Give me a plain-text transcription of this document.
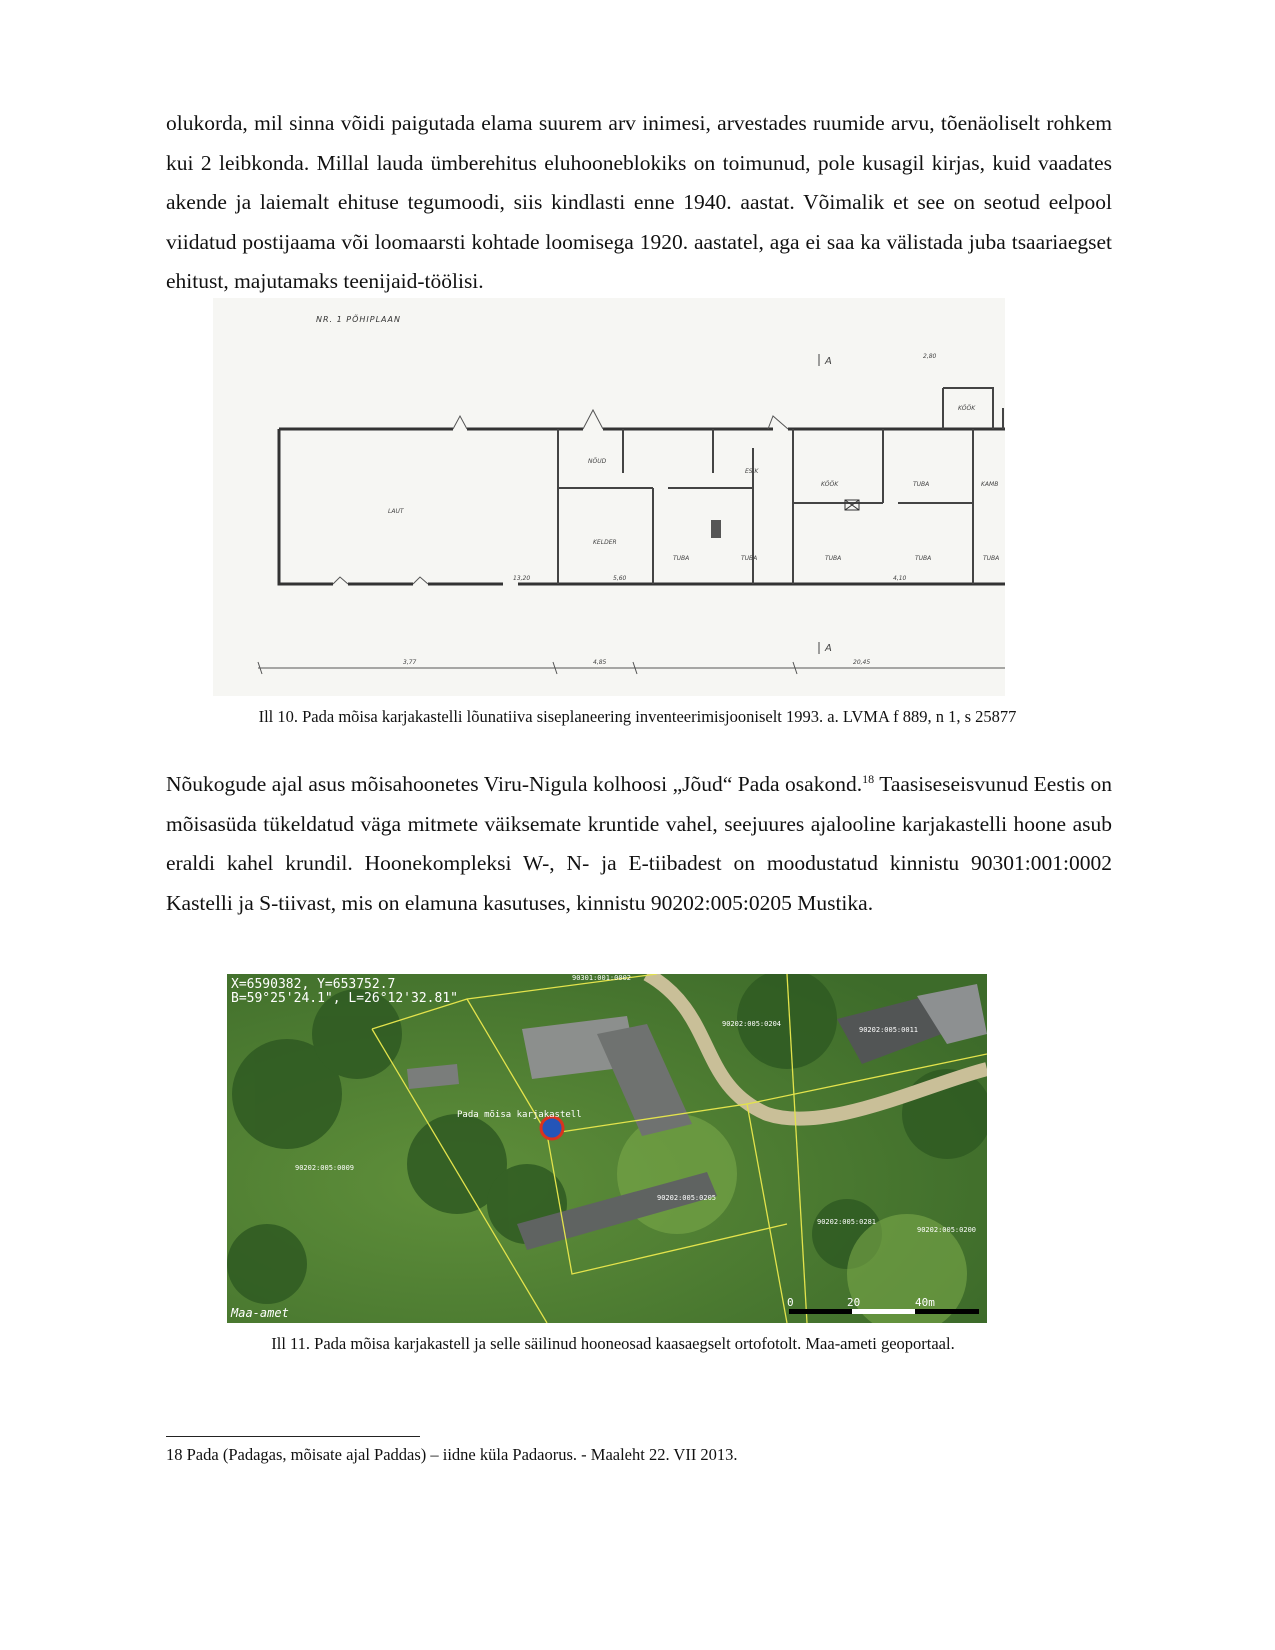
olukorda, mil sinna võidi paigutada elama suurem arv inimesi, arvestades ruumide arvu, tõenäoliselt rohkem kui 2 leibkonda. Millal lauda ümberehitus eluhooneblokiks on toimunud, pole kusagil kirjas, kuid vaadates akende ja laiemalt ehituse tegumoodi, siis kindlasti enne 1940. aastat. Võimalik et see on seotud eelpool viidatud postijaama või loomaarsti kohtade loomisega 1920. aastatel, aga ei saa ka välistada juba tsaariaegset ehitust, majutamaks teenijaid-töölisi.

NR. 1 PÕHIPLAAN
LAUT
KELDER
NÕUD
TUBA	TUBA
ESIK
KÖÖK	TUBA
TUBA	TUBA
KÖÖK
KAMB
TUBA
A
A
3,77	4,85	20,45
2,80
13,20	5,60	4,10

Ill 10. Pada mõisa karjakastelli lõunatiiva siseplaneering inventeerimisjooniselt 1993. a. LVMA f 889, n 1, s 25877

Nõukogude ajal asus mõisahoonetes Viru-Nigula kolhoosi „Jõud“ Pada osakond.$^{18}$ Taasiseseisvunud Eestis on mõisasüda tükeldatud väga mitmete väiksemate kruntide vahel, seejuures ajalooline karjakastelli hoone asub eraldi kahel krundil. Hoonekompleksi W-, N- ja E-tiibadest on moodustatud kinnistu 90301:001:0002 Kastelli ja S-tiivast, mis on elamuna kasutuses, kinnistu 90202:005:0205 Mustika.

Pada mõisa karjakastell
90301:001:0002
90202:005:0204
90202:005:0011
90202:005:0009
90202:005:0205
90202:005:0281
90202:005:0200
X=6590382, Y=653752.7
B=59°25'24.1", L=26°12'32.81"
Maa-amet
0	20	40m

Ill 11. Pada mõisa karjakastell ja selle säilinud hooneosad kaasaegselt ortofotolt. Maa-ameti geoportaal.

18 Pada (Padagas, mõisate ajal Paddas) – iidne küla Padaorus. - Maaleht 22. VII 2013.
